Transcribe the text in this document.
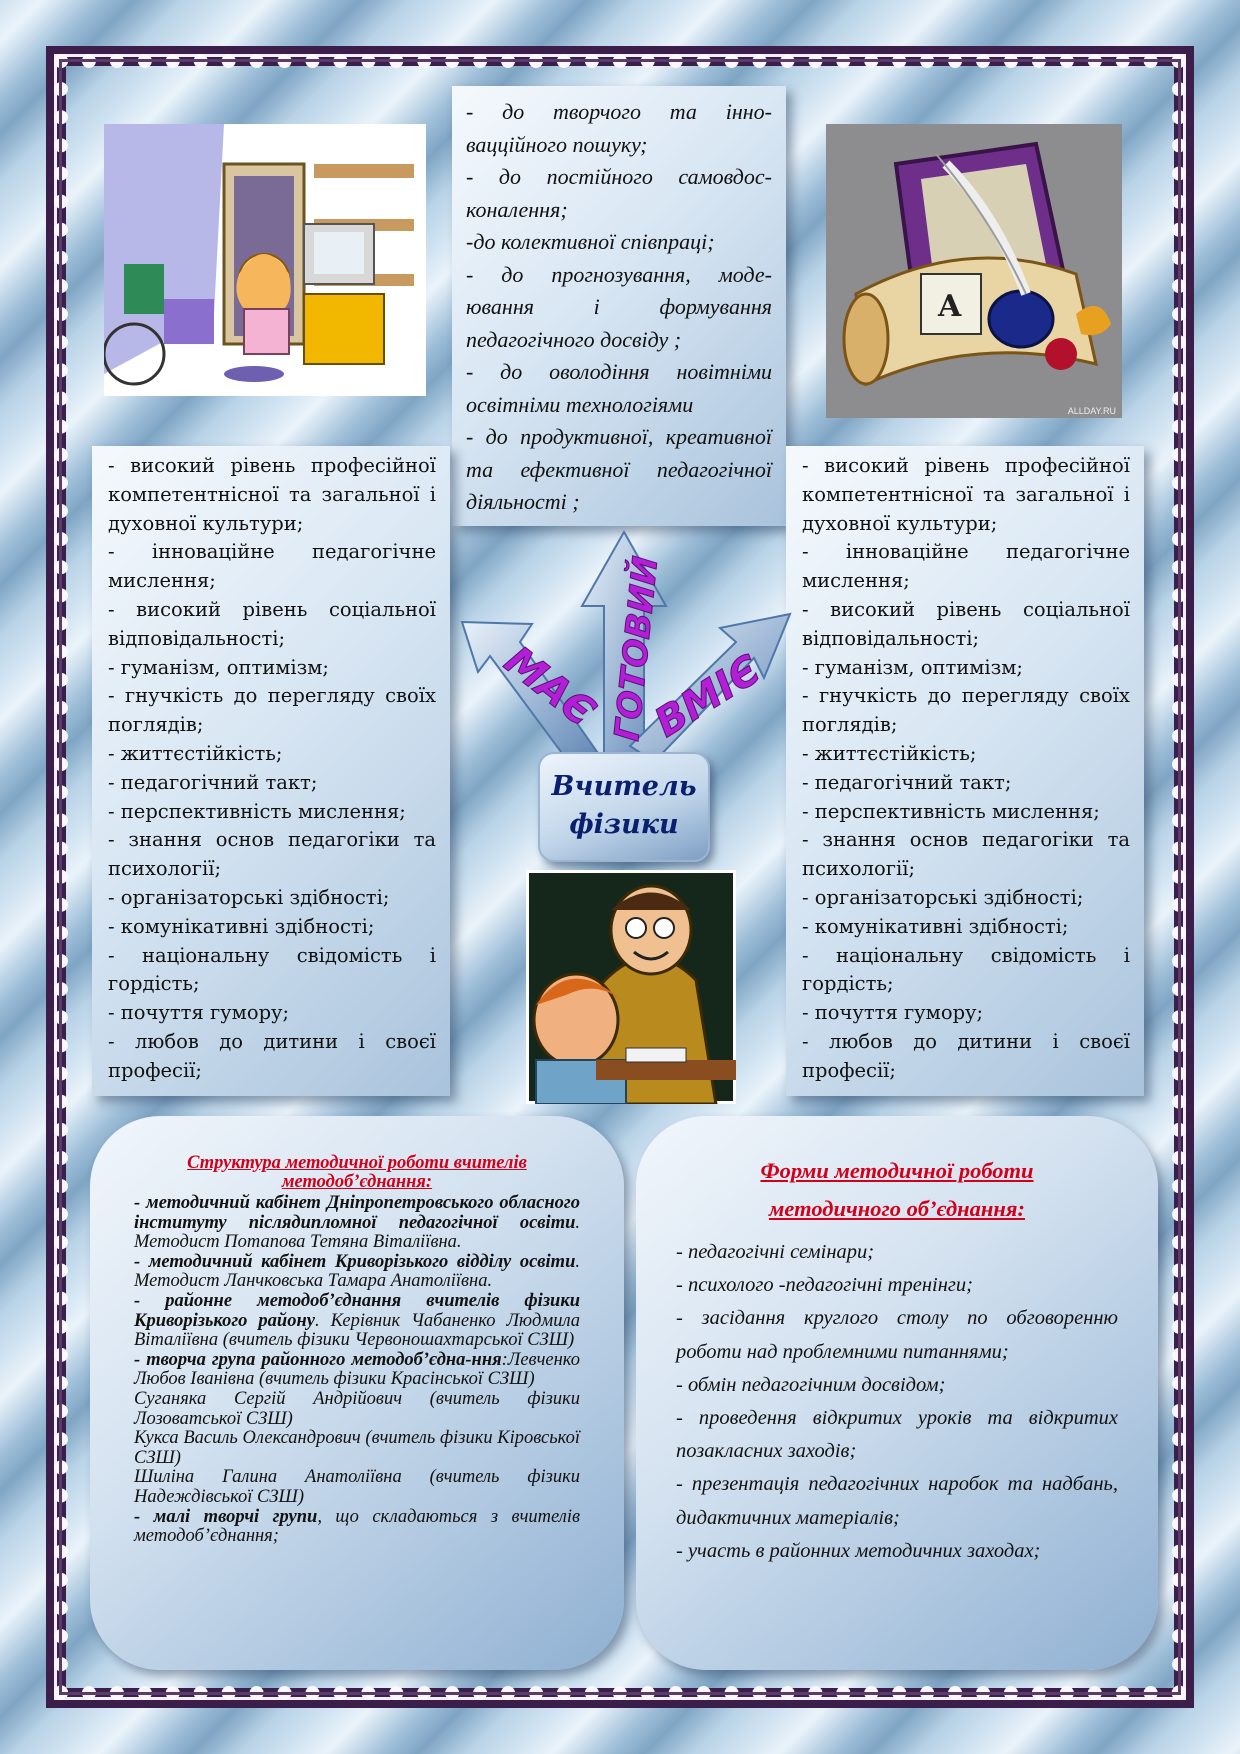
A
ALLDAY.RU
- до творчого та інно-вацційного пошуку;
- до постійного самовдос-коналення;
-до колективної співпраці;
- до прогнозування, моде-ювання і формування педагогічного досвіду ;
- до оволодіння новітніми освітніми технологіями
- до продуктивної, креативної та ефективної педагогічної діяльності ;
- високий рівень професійної компетентнісної та загальної і духовної культури;
- інноваційне педагогічне мислення;
- високий рівень соціальної відповідальності;
- гуманізм, оптимізм;
- гнучкість до перегляду своїх поглядів;
- життєстійкість;
- педагогічний такт;
- перспективність мислення;
- знання основ педагогіки та психології;
- організаторські здібності;
- комунікативні здібності;
- національну свідомість і гордість;
- почуття гумору;
- любов до дитини і своєї професії;
- високий рівень професійної компетентнісної та загальної і духовної культури;
- інноваційне педагогічне мислення;
- високий рівень соціальної відповідальності;
- гуманізм, оптимізм;
- гнучкість до перегляду своїх поглядів;
- життєстійкість;
- педагогічний такт;
- перспективність мислення;
- знання основ педагогіки та психології;
- організаторські здібності;
- комунікативні здібності;
- національну свідомість і гордість;
- почуття гумору;
- любов до дитини і своєї професії;
МАЄ ГОТОВИЙ
ВМІЄ
Вчитель
фізики
Структура методичної роботи вчителів методоб’єднання:
- методичний кабінет Дніпропетровського обласного інституту післядипломної педагогічної освіти. Методист Потапова Тетяна Віталіївна.
- методичний кабінет Криворізького відділу освіти. Методист Ланчковська Тамара Анатоліївна.
- районне методоб’єднання вчителів фізики Криворізького району. Керівник Чабаненко Людмила Віталіївна (вчитель фізики Червоношахтарської СЗШ)
- творча група районного методоб’єдна-ння:Левченко Любов Іванівна (вчитель фізики Красінської СЗШ)
Суганяка Сергій Андрійович (вчитель фізики Лозоватської СЗШ)
Кукса Василь Олександрович (вчитель фізики Кіровської СЗШ)
Шиліна Галина Анатоліївна (вчитель фізики Надеждівської СЗШ)
- малі творчі групи, що складаються з вчителів методоб’єднання;
Форми методичної роботи методичного об’єднання:
- педагогічні семінари;
- психолого -педагогічні тренінги;
- засідання круглого столу по обговоренню роботи над проблемними питаннями;
- обмін педагогічним досвідом;
- проведення відкритих уроків та відкритих позакласних заходів;
- презентація педагогічних наробок та надбань, дидактичних матеріалів;
- участь в районних методичних заходах;
